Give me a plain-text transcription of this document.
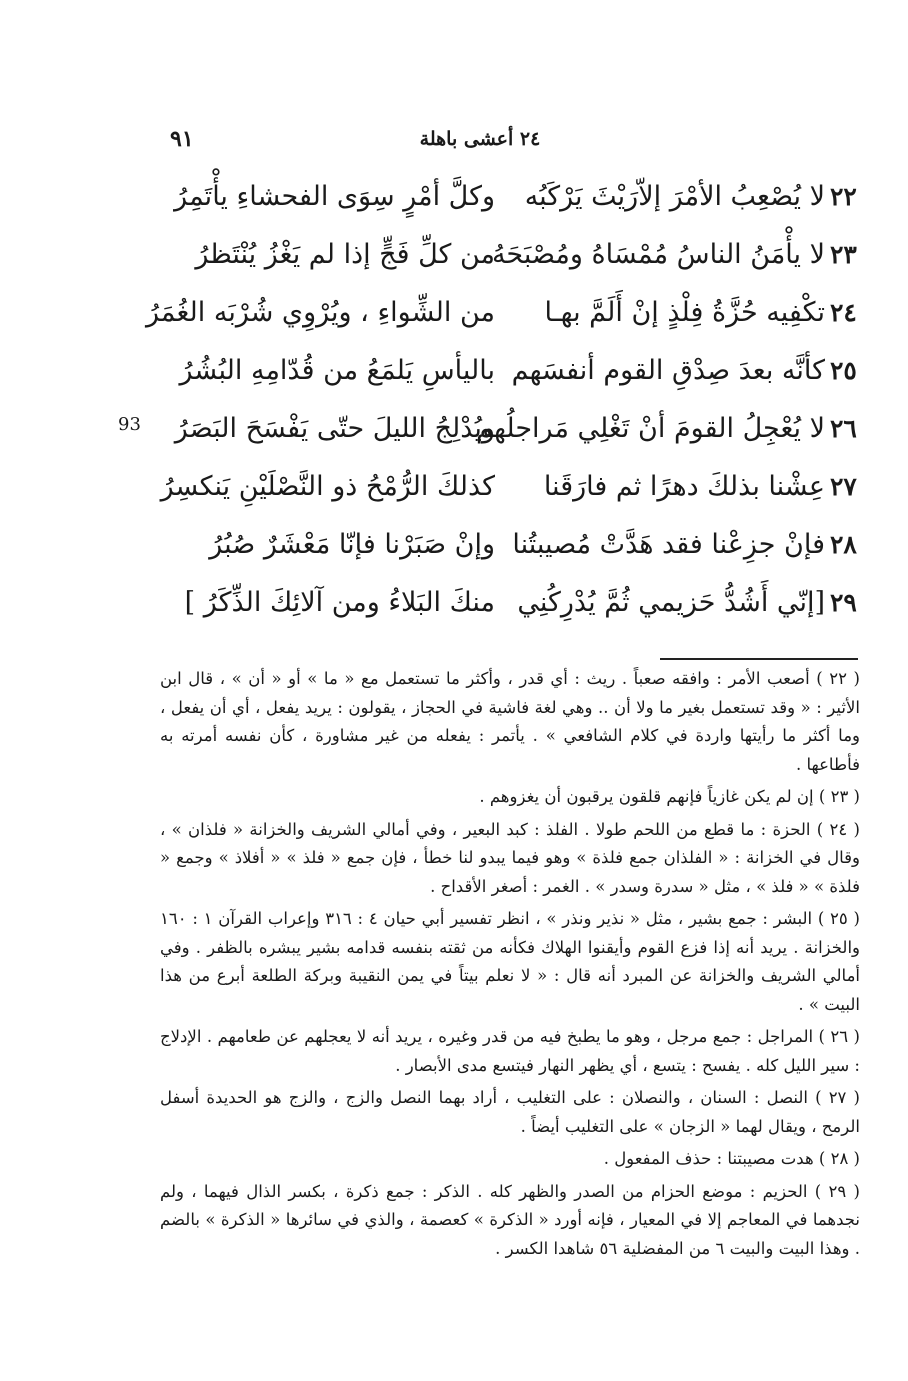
٢٤ أعشى باهلة
٩١
93
٢٢
لا يُصْعِبُ الأمْرَ إلاّرَيْثَ يَرْكَبُه
وكلَّ أمْرٍ سِوَى الفحشاءِ يأْتَمِرُ
٢٣
لا يأْمَنُ الناسُ مُمْسَاهُ ومُصْبَحَهُ
من كلِّ فَجٍّ إذا لم يَغْزُ يُنْتَظرُ
٢٤
تكْفِيه حُزَّةُ فِلْذٍ إنْ أَلَمَّ بهـا
من الشِّواءِ ، ويُرْوِي شُرْبَه الغُمَرُ
٢٥
كأنَّه بعدَ صِدْقِ القوم أنفسَهم
باليأسِ يَلمَعُ من قُدّامِهِ البُشُرُ
٢٦
لا يُعْجِلُ القومَ أنْ تَغْلِي مَراجلُهم
ويُدْلِجُ الليلَ حتّى يَفْسَحَ البَصَرُ
٢٧
عِشْنا بذلكَ دهرًا ثم فارَقَنا
كذلكَ الرُّمْحُ ذو النَّصْلَيْنِ يَنكسِرُ
٢٨
فإنْ جزِعْنا فقد هَدَّتْ مُصيبتُنا
وإنْ صَبَرْنا فإنّا مَعْشَرٌ صُبُرُ
٢٩
[إنّي أَشُدُّ حَزيمي ثُمَّ يُدْرِكُنِي
منكَ البَلاءُ ومن آلائِكَ الذِّكَرُ ]

( ٢٢ ) أصعب الأمر : وافقه صعباً . ريث : أي قدر ، وأكثر ما تستعمل مع « ما » أو « أن » ، قال ابن الأثير : « وقد تستعمل بغير ما ولا أن .. وهي لغة فاشية في الحجاز ، يقولون : يريد يفعل ، أي أن يفعل ، وما أكثر ما رأيتها واردة في كلام الشافعي » . يأتمر : يفعله من غير مشاورة ، كأن نفسه أمرته به فأطاعها .

( ٢٣ ) إن لم يكن غازياً فإنهم قلقون يرقبون أن يغزوهم .

( ٢٤ ) الحزة : ما قطع من اللحم طولا . الفلذ : كبد البعير ، وفي أمالي الشريف والخزانة « فلذان » ، وقال في الخزانة : « الفلذان جمع فلذة » وهو فيما يبدو لنا خطأ ، فإن جمع « فلذ » « أفلاذ » وجمع « فلذة » « فلذ » ، مثل « سدرة وسدر » . الغمر : أصغر الأقداح .

( ٢٥ ) البشر : جمع بشير ، مثل « نذير ونذر » ، انظر تفسير أبي حيان ٤ : ٣١٦ وإعراب القرآن ١ : ١٦٠ والخزانة . يريد أنه إذا فزع القوم وأيقنوا الهلاك فكأنه من ثقته بنفسه قدامه بشير يبشره بالظفر . وفي أمالي الشريف والخزانة عن المبرد أنه قال : « لا نعلم بيتاً في يمن النقيبة وبركة الطلعة أبرع من هذا البيت » .

( ٢٦ ) المراجل : جمع مرجل ، وهو ما يطبخ فيه من قدر وغيره ، يريد أنه لا يعجلهم عن طعامهم . الإدلاج : سير الليل كله . يفسح : يتسع ، أي يظهر النهار فيتسع مدى الأبصار .

( ٢٧ ) النصل : السنان ، والنصلان : على التغليب ، أراد بهما النصل والزج ، والزج هو الحديدة أسفل الرمح ، ويقال لهما « الزجان » على التغليب أيضاً .

( ٢٨ ) هدت مصيبتنا : حذف المفعول .

( ٢٩ ) الحزيم : موضع الحزام من الصدر والظهر كله . الذكر : جمع ذكرة ، بكسر الذال فيهما ، ولم نجدهما في المعاجم إلا في المعيار ، فإنه أورد « الذكرة » كعصمة ، والذي في سائرها « الذكرة » بالضم . وهذا البيت والبيت ٦ من المفضلية ٥٦ شاهدا الكسر .
